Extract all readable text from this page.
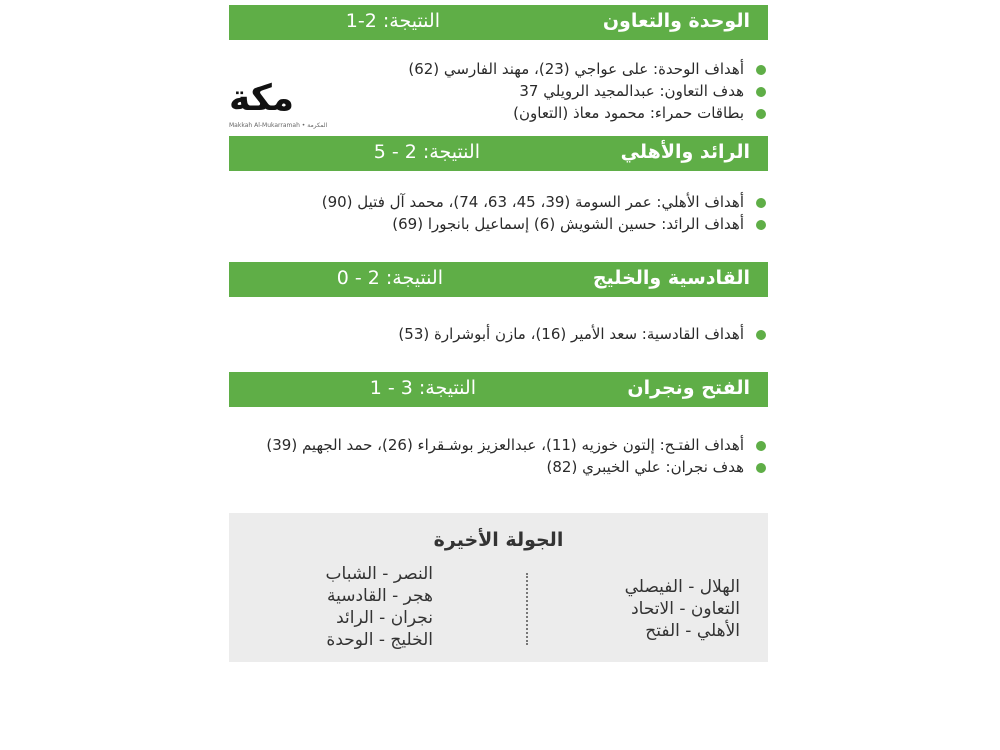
الوحدة والتعاون
النتيجة: 2-1
أهداف الوحدة: على عواجي (23)، مهند الفارسي (62)
هدف التعاون: عبدالمجيد الرويلي 37
بطاقات حمراء: محمود معاذ (التعاون)
مكة
Makkah Al-Mukarramah • المكرمة
الرائد والأهلي
النتيجة: 2 - 5
أهداف الأهلي: عمر السومة (39، 45، 63، 74)، محمد آل فتيل (90)
أهداف الرائد: حسين الشويش (6) إسماعيل بانجورا (69)
القادسية والخليج
النتيجة: 2 - 0
أهداف القادسية: سعد الأمير (16)، مازن أبوشرارة (53)
الفتح ونجران
النتيجة: 3 - 1
أهداف الفتـح: إلتون خوزيه (11)، عبدالعزيز بوشـقراء (26)، حمد الجهيم (39)
هدف نجران: علي الخيبري (82)
الجولة الأخيرة
الهلال - الفيصلي
التعاون - الاتحاد
الأهلي - الفتح
النصر - الشباب
هجر - القادسية
نجران - الرائد
الخليج - الوحدة
